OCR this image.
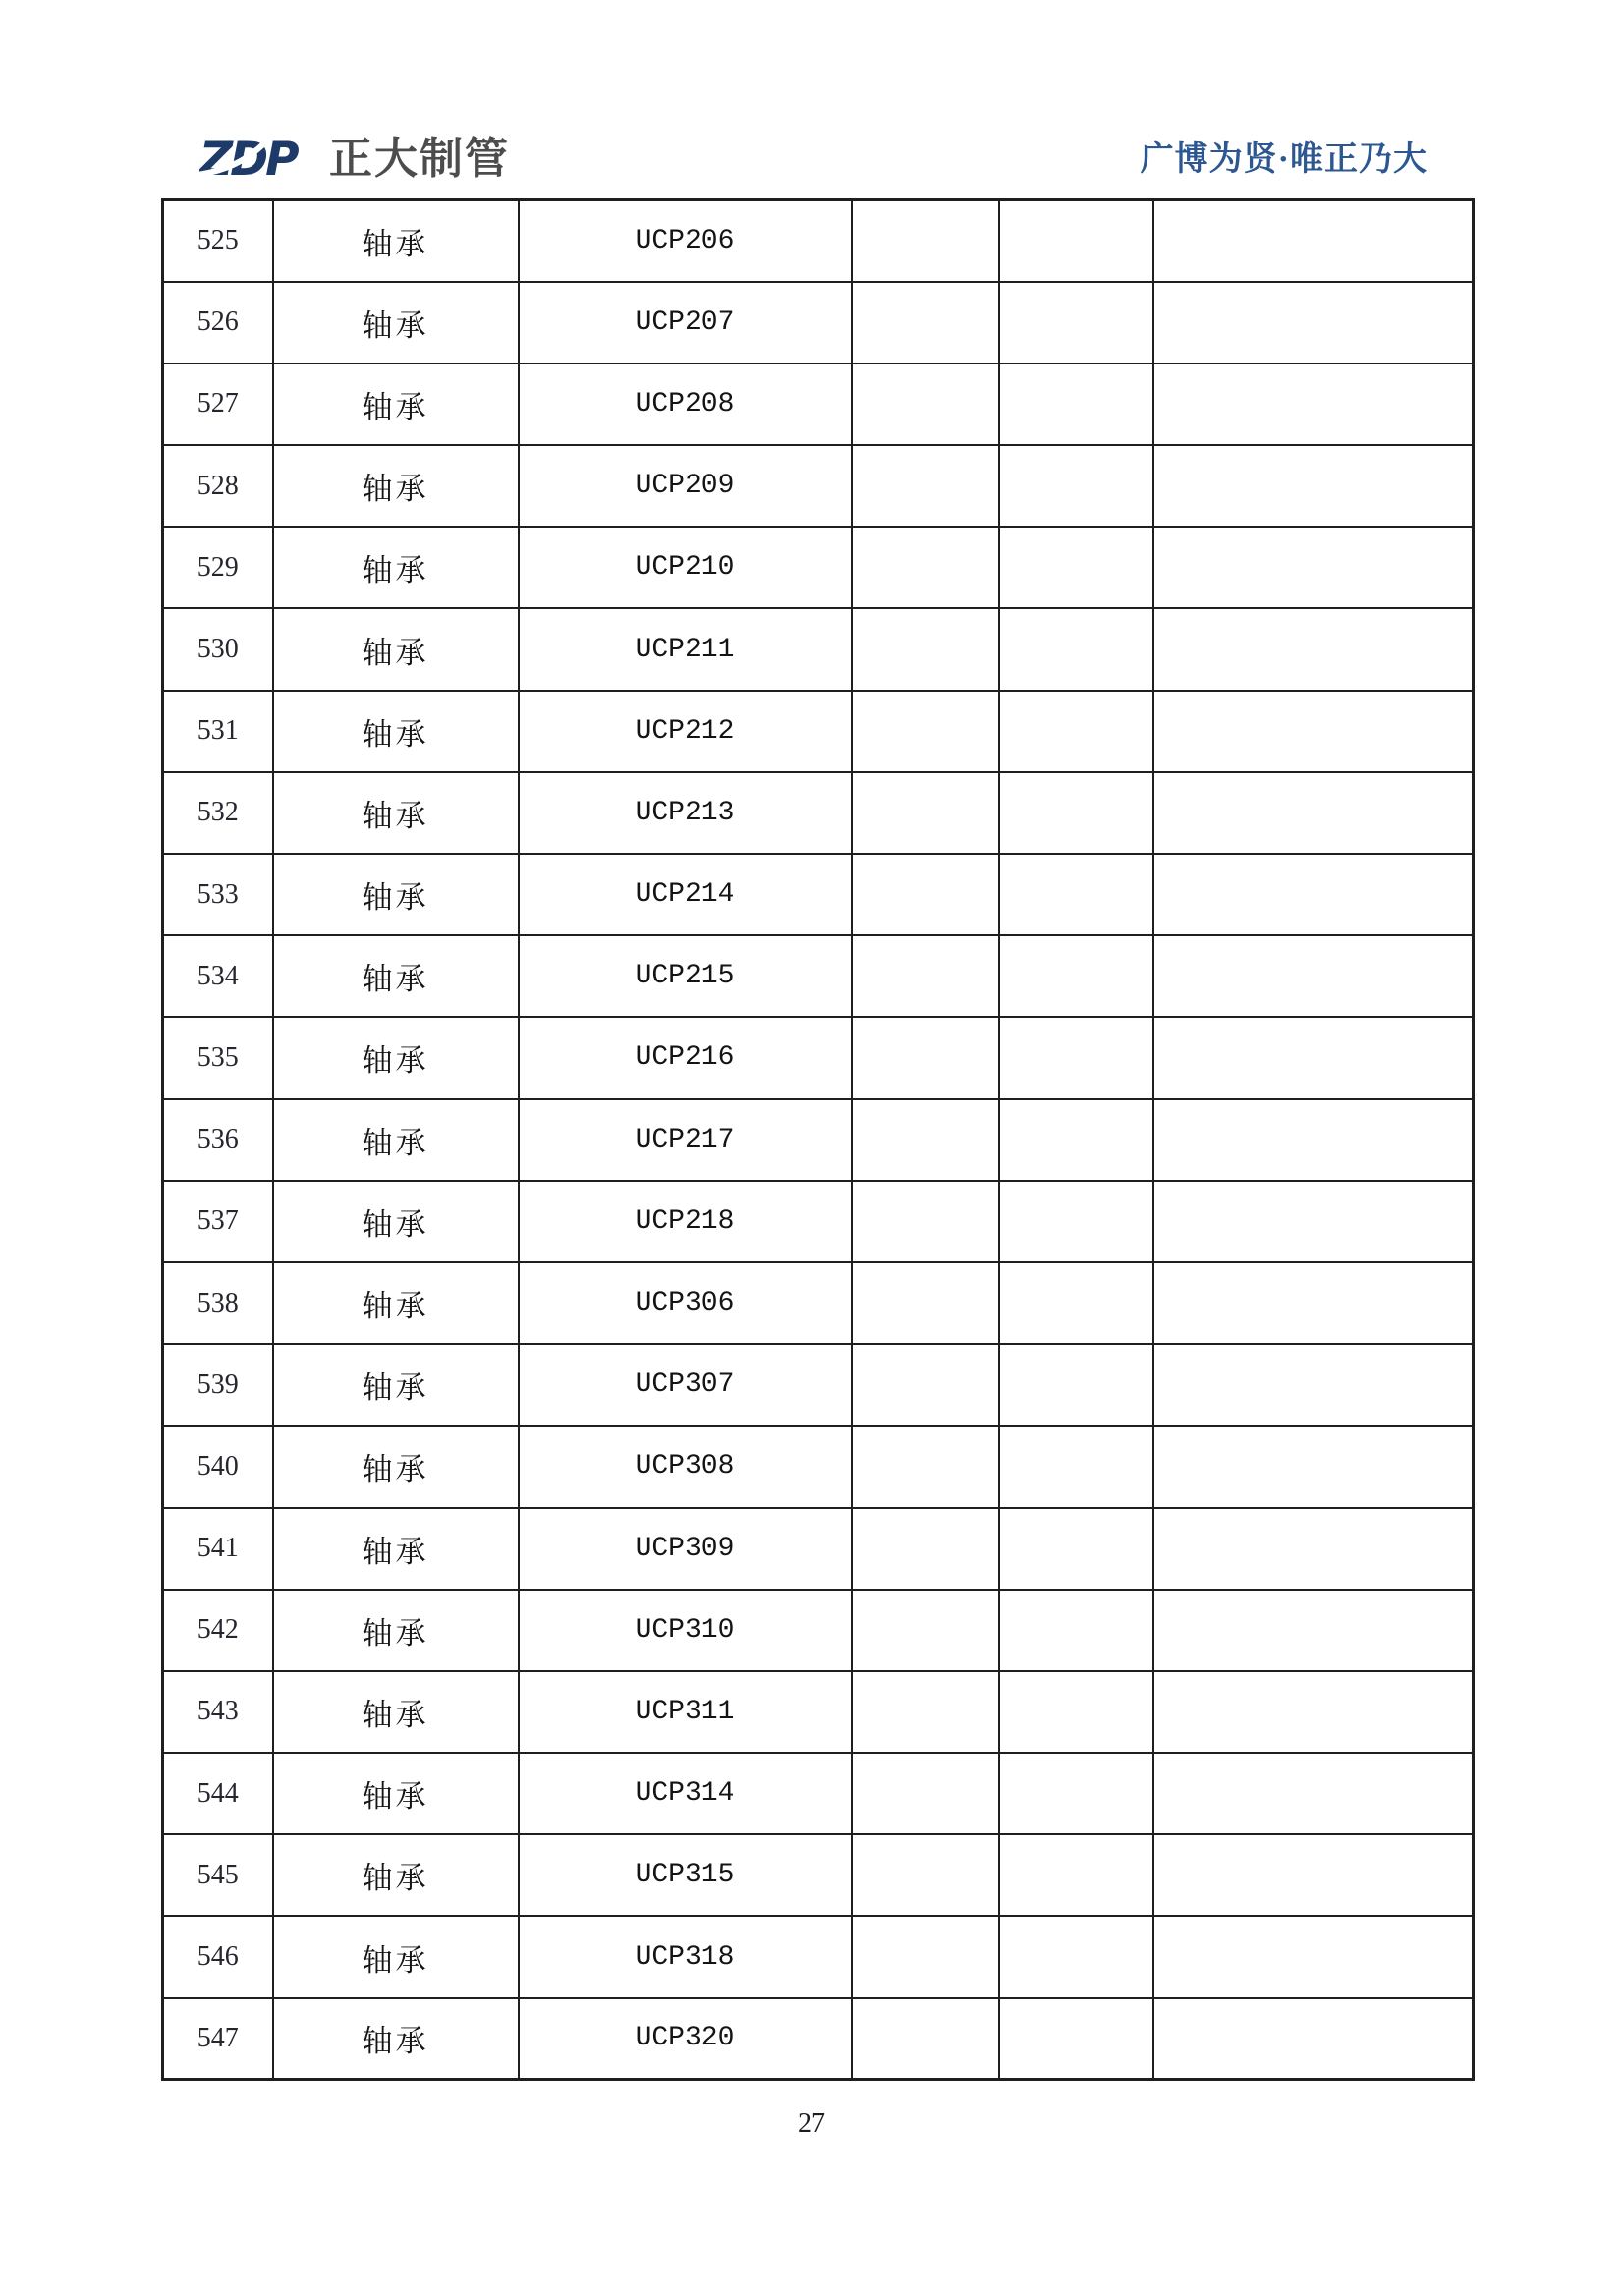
ZDP 正大制管	广博为贤·唯正乃大
525	轴承	UCP206			
526	轴承	UCP207			
527	轴承	UCP208			
528	轴承	UCP209			
529	轴承	UCP210			
530	轴承	UCP211			
531	轴承	UCP212			
532	轴承	UCP213			
533	轴承	UCP214			
534	轴承	UCP215			
535	轴承	UCP216			
536	轴承	UCP217			
537	轴承	UCP218			
538	轴承	UCP306			
539	轴承	UCP307			
540	轴承	UCP308			
541	轴承	UCP309			
542	轴承	UCP310			
543	轴承	UCP311			
544	轴承	UCP314			
545	轴承	UCP315			
546	轴承	UCP318			
547	轴承	UCP320			
27
